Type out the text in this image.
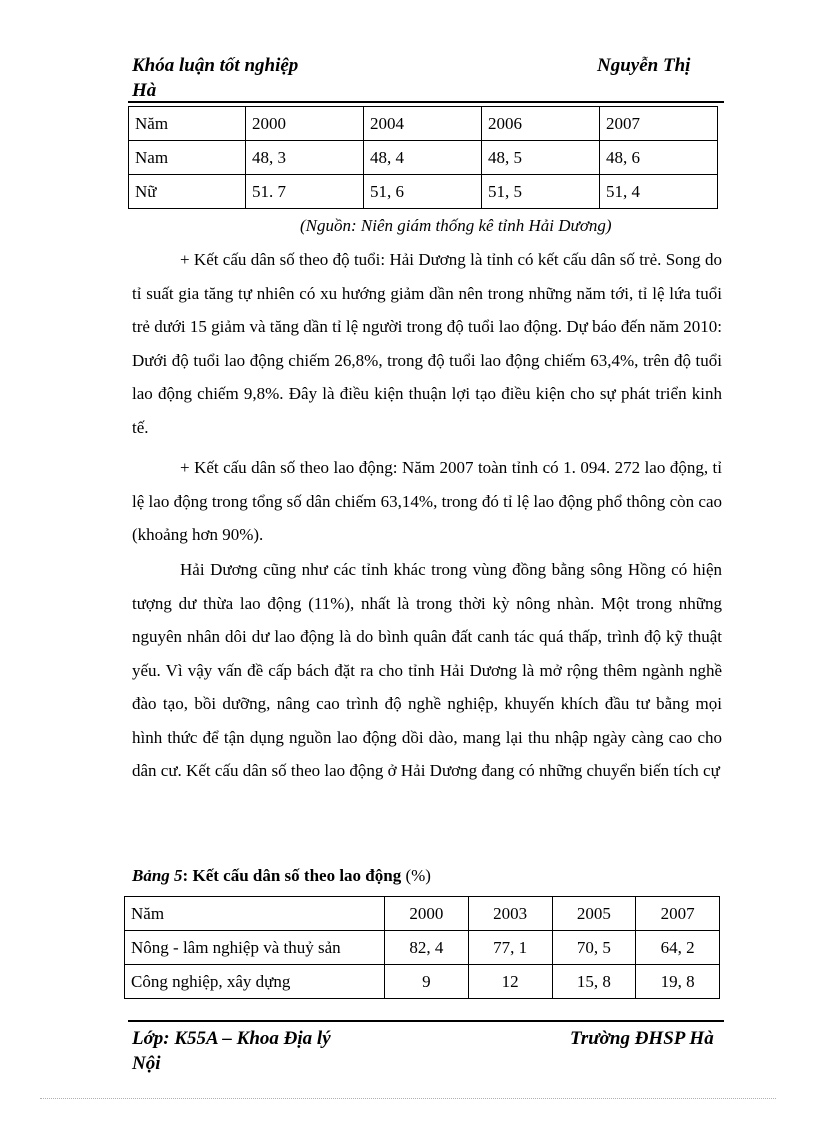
Khóa luận tốt nghiệp
Hà
Nguyễn Thị
Năm	2000	2004	2006	2007
Nam	48, 3	48, 4	48, 5	48, 6
Nữ	51. 7	51, 6	51, 5	51, 4
(Nguồn: Niên giám thống kê tỉnh Hải Dương)

+ Kết cấu dân số theo độ tuổi: Hải Dương là tỉnh có kết cấu dân số trẻ. Song do tỉ suất gia tăng tự nhiên có xu hướng giảm dần nên trong những năm tới, tỉ lệ lứa tuổi trẻ dưới 15 giảm và tăng dần tỉ lệ người trong độ tuổi lao động. Dự báo đến năm 2010: Dưới độ tuổi lao động chiếm 26,8%, trong độ tuổi lao động chiếm 63,4%, trên độ tuổi lao động chiếm 9,8%. Đây là điều kiện thuận lợi tạo điều kiện cho sự phát triển kinh tế.

+ Kết cấu dân số theo lao động: Năm 2007 toàn tỉnh có 1. 094. 272 lao động, tỉ lệ lao động trong tổng số dân chiếm 63,14%, trong đó tỉ lệ lao động phổ thông còn cao (khoảng hơn 90%).

Hải Dương cũng như các tỉnh khác trong vùng đồng bằng sông Hồng có hiện tượng dư thừa lao động (11%), nhất là trong thời kỳ nông nhàn. Một trong những nguyên nhân dôi dư lao động là do bình quân đất canh tác quá thấp, trình độ kỹ thuật yếu. Vì vậy vấn đề cấp bách đặt ra cho tỉnh Hải Dương là mở rộng thêm ngành nghề đào tạo, bồi dưỡng, nâng cao trình độ nghề nghiệp, khuyến khích đầu tư bằng mọi hình thức để tận dụng nguồn lao động dồi dào, mang lại thu nhập ngày càng cao cho dân cư. Kết cấu dân số theo lao động ở Hải Dương đang có những chuyển biến tích cự

Bảng 5: Kết cấu dân số theo lao động (%)
Năm	2000	2003	2005	2007
Nông - lâm nghiệp và thuỷ sản	82, 4	77, 1	70, 5	64, 2
Công nghiệp, xây dựng	9	12	15, 8	19, 8
Lớp: K55A – Khoa Địa lý
Nội
Trường ĐHSP Hà
